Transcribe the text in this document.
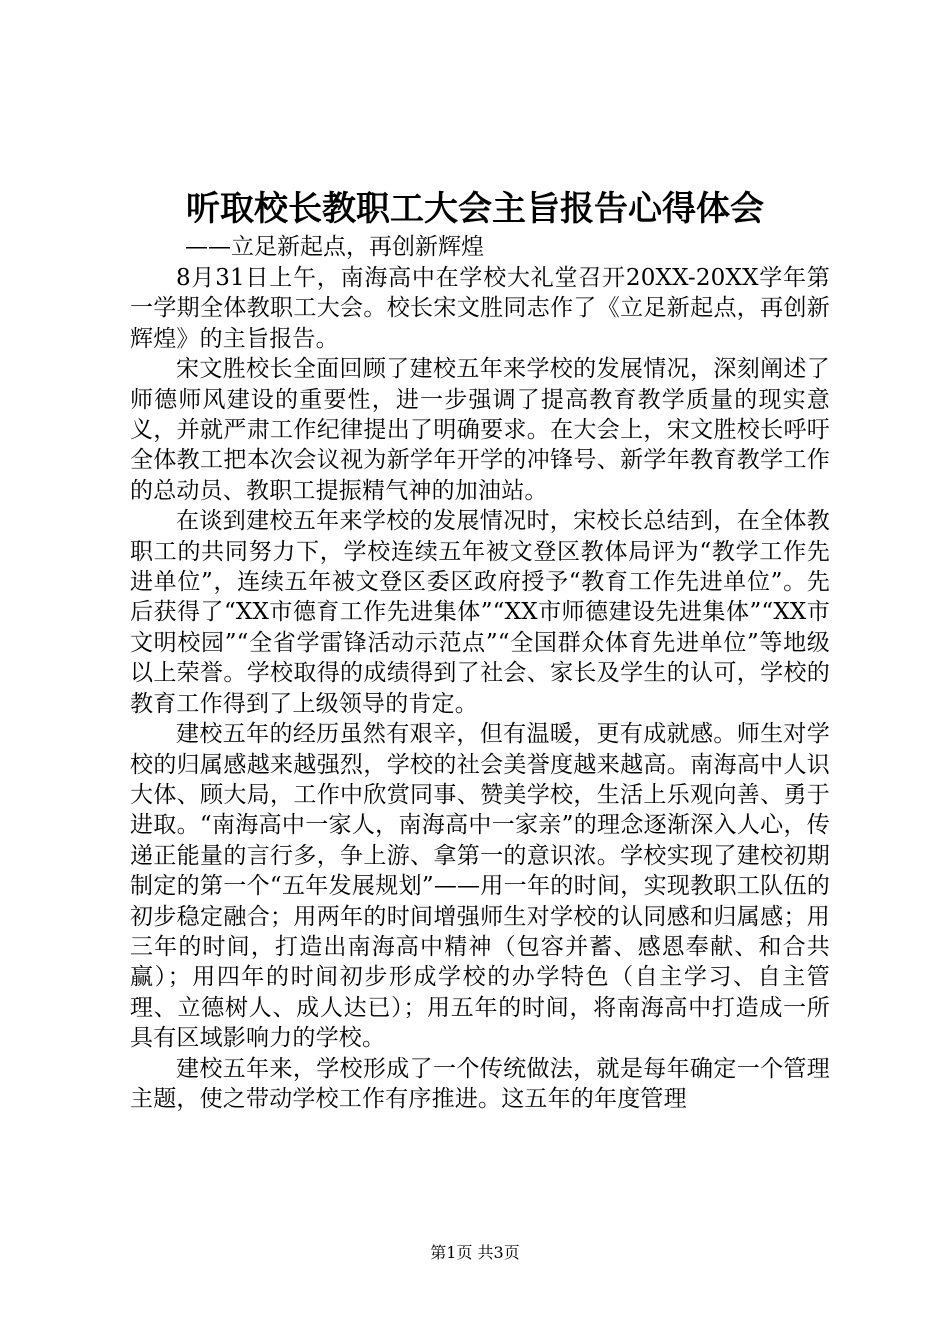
听取校长教职工大会主旨报告心得体会

——立足新起点，再创新辉煌

8月31日上午，南海高中在学校大礼堂召开20XX-20XX学年第一学期全体教职工大会。校长宋文胜同志作了《立足新起点，再创新辉煌》的主旨报告。

宋文胜校长全面回顾了建校五年来学校的发展情况，深刻阐述了师德师风建设的重要性，进一步强调了提高教育教学质量的现实意义，并就严肃工作纪律提出了明确要求。在大会上，宋文胜校长呼吁全体教工把本次会议视为新学年开学的冲锋号、新学年教育教学工作的总动员、教职工提振精气神的加油站。

在谈到建校五年来学校的发展情况时，宋校长总结到，在全体教职工的共同努力下，学校连续五年被文登区教体局评为“教学工作先进单位”，连续五年被文登区委区政府授予“教育工作先进单位”。先后获得了“XX市德育工作先进集体”“XX市师德建设先进集体”“XX市文明校园”“全省学雷锋活动示范点”“全国群众体育先进单位”等地级以上荣誉。学校取得的成绩得到了社会、家长及学生的认可，学校的教育工作得到了上级领导的肯定。

建校五年的经历虽然有艰辛，但有温暖，更有成就感。师生对学校的归属感越来越强烈，学校的社会美誉度越来越高。南海高中人识大体、顾大局，工作中欣赏同事、赞美学校，生活上乐观向善、勇于进取。“南海高中一家人，南海高中一家亲”的理念逐渐深入人心，传递正能量的言行多，争上游、拿第一的意识浓。学校实现了建校初期制定的第一个“五年发展规划”——用一年的时间，实现教职工队伍的初步稳定融合；用两年的时间增强师生对学校的认同感和归属感；用三年的时间，打造出南海高中精神（包容并蓄、感恩奉献、和合共赢）；用四年的时间初步形成学校的办学特色（自主学习、自主管理、立德树人、成人达已）；用五年的时间，将南海高中打造成一所具有区域影响力的学校。

建校五年来，学校形成了一个传统做法，就是每年确定一个管理主题，使之带动学校工作有序推进。这五年的年度管理

第1页 共3页
